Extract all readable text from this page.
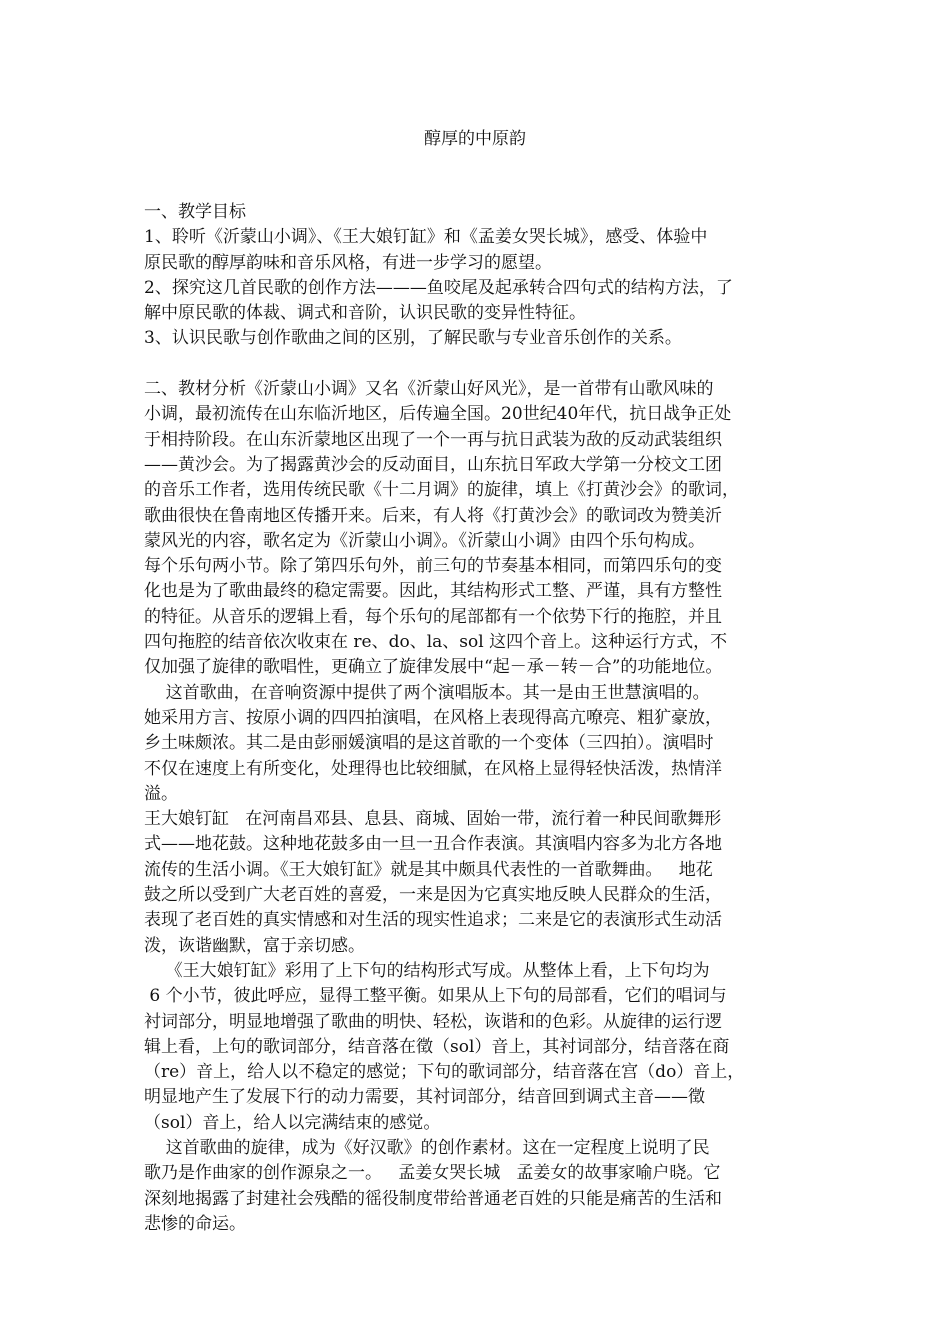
醇厚的中原韵
一、教学目标
1、聆听《沂蒙山小调》、《王大娘钉缸》和《孟姜女哭长城》，感受、体验中
原民歌的醇厚韵味和音乐风格，有进一步学习的愿望。
2、探究这几首民歌的创作方法———鱼咬尾及起承转合四句式的结构方法，了
解中原民歌的体裁、调式和音阶，认识民歌的变异性特征。
3、认识民歌与创作歌曲之间的区别，了解民歌与专业音乐创作的关系。
二、教材分析《沂蒙山小调》又名《沂蒙山好风光》，是一首带有山歌风味的
小调，最初流传在山东临沂地区，后传遍全国。20世纪40年代，抗日战争正处
于相持阶段。在山东沂蒙地区出现了一个一再与抗日武装为敌的反动武装组织
——黄沙会。为了揭露黄沙会的反动面目，山东抗日军政大学第一分校文工团
的音乐工作者，选用传统民歌《十二月调》的旋律，填上《打黄沙会》的歌词，
歌曲很快在鲁南地区传播开来。后来，有人将《打黄沙会》的歌词改为赞美沂
蒙风光的内容，歌名定为《沂蒙山小调》。《沂蒙山小调》由四个乐句构成。
每个乐句两小节。除了第四乐句外，前三句的节奏基本相同，而第四乐句的变
化也是为了歌曲最终的稳定需要。因此，其结构形式工整、严谨，具有方整性
的特征。从音乐的逻辑上看，每个乐句的尾部都有一个依势下行的拖腔，并且
四句拖腔的结音依次收束在 re、do、la、sol 这四个音上。这种运行方式，不
仅加强了旋律的歌唱性，更确立了旋律发展中“起－承－转－合”的功能地位。
这首歌曲，在音响资源中提供了两个演唱版本。其一是由王世慧演唱的。
她采用方言、按原小调的四四拍演唱，在风格上表现得高亢嘹亮、粗犷豪放，
乡土味颇浓。其二是由彭丽媛演唱的是这首歌的一个变体（三四拍）。演唱时
不仅在速度上有所变化，处理得也比较细腻，在风格上显得轻快活泼，热情洋
溢。
王大娘钉缸   在河南昌邓县、息县、商城、固始一带，流行着一种民间歌舞形
式——地花鼓。这种地花鼓多由一旦一丑合作表演。其演唱内容多为北方各地
流传的生活小调。《王大娘钉缸》就是其中颇具代表性的一首歌舞曲。   地花
鼓之所以受到广大老百姓的喜爱，一来是因为它真实地反映人民群众的生活，
表现了老百姓的真实情感和对生活的现实性追求；二来是它的表演形式生动活
泼，诙谐幽默，富于亲切感。
《王大娘钉缸》彩用了上下句的结构形式写成。从整体上看，上下句均为
6 个小节，彼此呼应，显得工整平衡。如果从上下句的局部看，它们的唱词与
衬词部分，明显地增强了歌曲的明快、轻松，诙谐和的色彩。从旋律的运行逻
辑上看，上句的歌词部分，结音落在徵（sol）音上，其衬词部分，结音落在商
（re）音上，给人以不稳定的感觉；下句的歌词部分，结音落在宫（do）音上，
明显地产生了发展下行的动力需要，其衬词部分，结音回到调式主音——徵
（sol）音上，给人以完满结束的感觉。
这首歌曲的旋律，成为《好汉歌》的创作素材。这在一定程度上说明了民
歌乃是作曲家的创作源泉之一。   孟姜女哭长城   孟姜女的故事家喻户晓。它
深刻地揭露了封建社会残酷的徭役制度带给普通老百姓的只能是痛苦的生活和
悲惨的命运。
